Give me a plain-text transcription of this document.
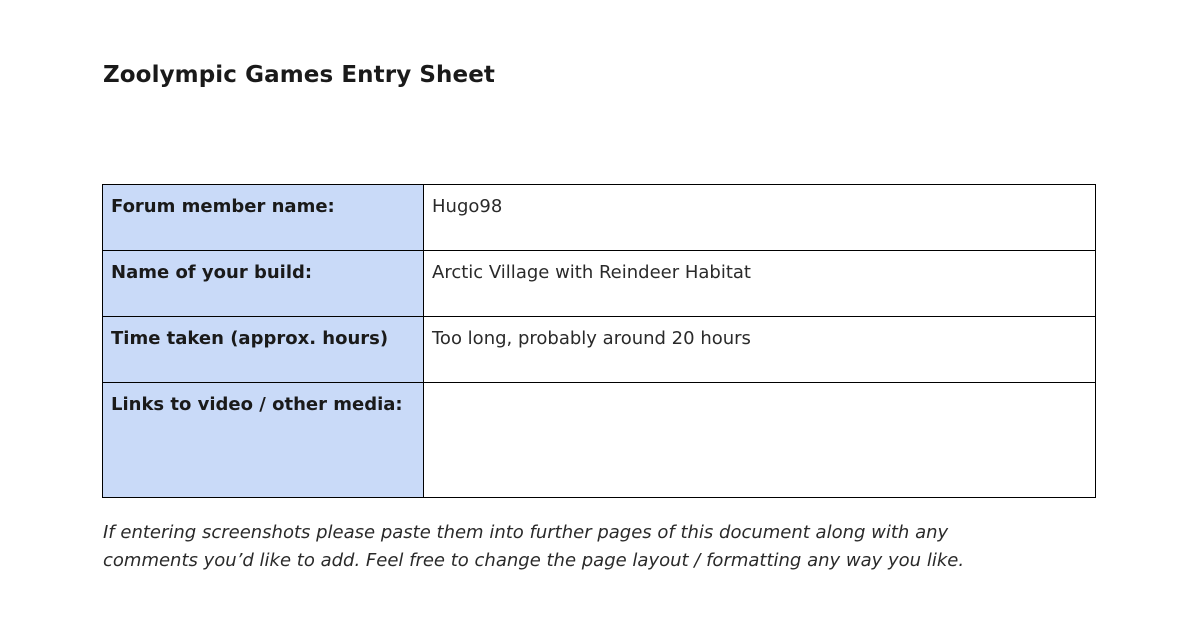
Zoolympic Games Entry Sheet
Forum member name:	Hugo98
Name of your build:	Arctic Village with Reindeer Habitat
Time taken (approx. hours)	Too long, probably around 20 hours
Links to video / other media:	
If entering screenshots please paste them into further pages of this document along with any
comments you’d like to add. Feel free to change the page layout / formatting any way you like.
